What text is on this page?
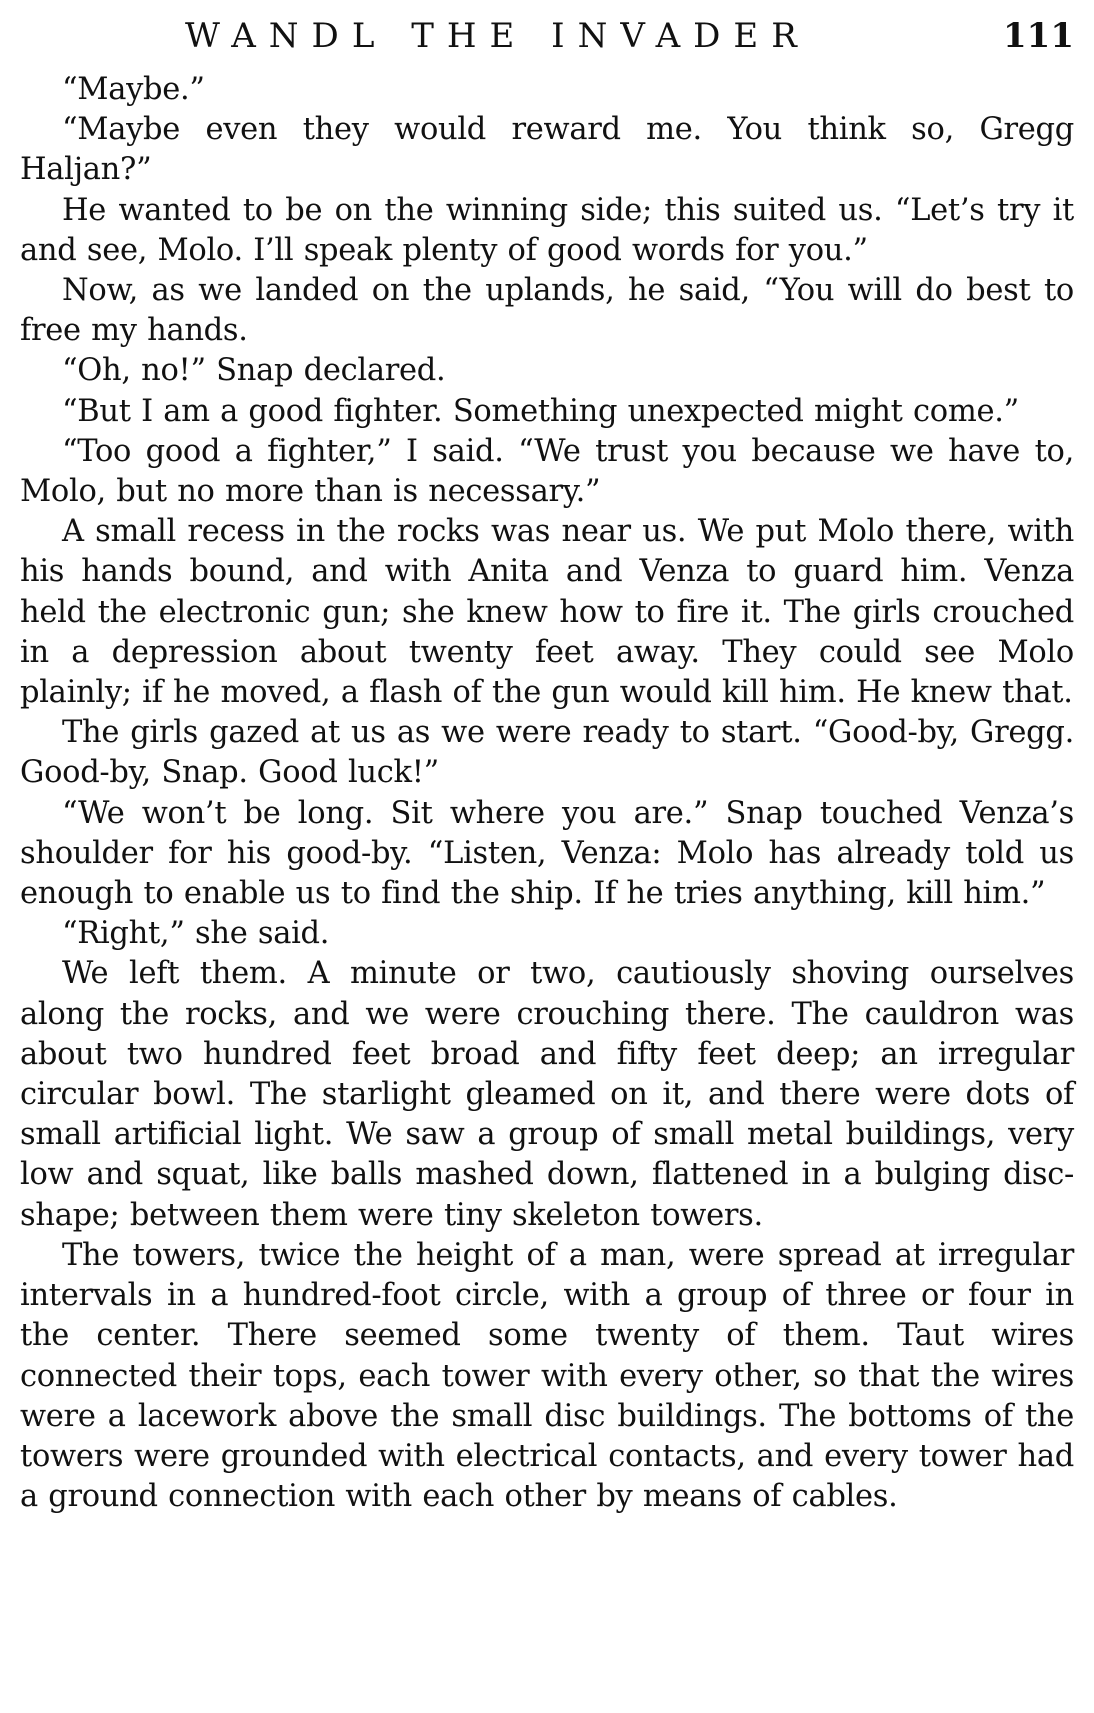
WANDL THE INVADER	111

“Maybe.”

“Maybe even they would reward me. You think so, Gregg Haljan?”

He wanted to be on the winning side; this suited us. “Let’s try it and see, Molo. I’ll speak plenty of good words for you.”

Now, as we landed on the uplands, he said, “You will do best to free my hands.

“Oh, no!” Snap declared.

“But I am a good fighter. Something unexpected might come.”

“Too good a fighter,” I said. “We trust you because we have to, Molo, but no more than is necessary.”

A small recess in the rocks was near us. We put Molo there, with his hands bound, and with Anita and Venza to guard him. Venza held the electronic gun; she knew how to fire it. The girls crouched in a depression about twenty feet away. They could see Molo plainly; if he moved, a flash of the gun would kill him. He knew that.

The girls gazed at us as we were ready to start. “Good-by, Gregg. Good-by, Snap. Good luck!”

“We won’t be long. Sit where you are.” Snap touched Venza’s shoulder for his good-by. “Listen, Venza: Molo has already told us enough to enable us to find the ship. If he tries anything, kill him.”

“Right,” she said.

We left them. A minute or two, cautiously shoving ourselves along the rocks, and we were crouching there. The cauldron was about two hundred feet broad and fifty feet deep; an irregular circular bowl. The starlight gleamed on it, and there were dots of small artificial light. We saw a group of small metal buildings, very low and squat, like balls mashed down, flattened in a bulging disc-shape; between them were tiny skeleton towers.

The towers, twice the height of a man, were spread at irregular intervals in a hundred-foot circle, with a group of three or four in the center. There seemed some twenty of them. Taut wires connected their tops, each tower with every other, so that the wires were a lacework above the small disc buildings. The bottoms of the towers were grounded with electrical contacts, and every tower had a ground connection with each other by means of cables.
